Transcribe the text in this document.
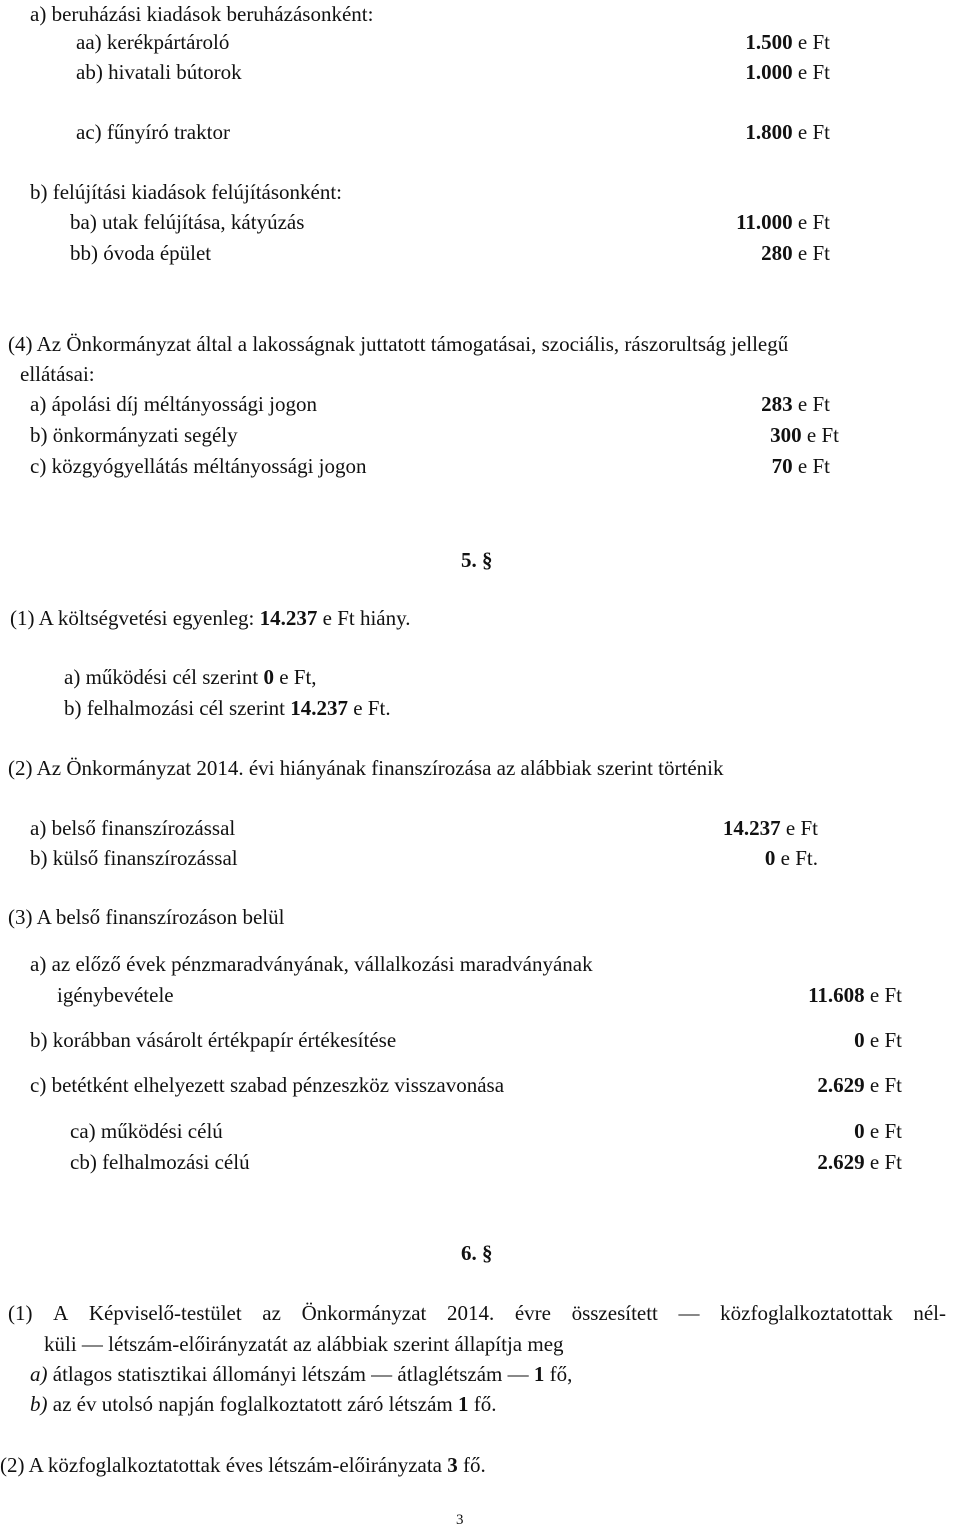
a) beruházási kiadások beruházásonként:
aa) kerékpártároló	1.500 e Ft
ab) hivatali bútorok	1.000 e Ft
ac) fűnyíró traktor	1.800 e Ft
b) felújítási kiadások felújításonként:
ba) utak felújítása, kátyúzás	11.000 e Ft
bb) óvoda épület	280 e Ft
(4) Az Önkormányzat által a lakosságnak juttatott támogatásai, szociális, rászorultság jellegű
ellátásai:
a) ápolási díj méltányossági jogon	283 e Ft
b) önkormányzati segély	300 e Ft
c) közgyógyellátás méltányossági jogon	70 e Ft
5. §
(1) A költségvetési egyenleg: 14.237 e Ft hiány.
a) működési cél szerint 0 e Ft,
b) felhalmozási cél szerint 14.237 e Ft.
(2) Az Önkormányzat 2014. évi hiányának finanszírozása az alábbiak szerint történik
a) belső finanszírozással	14.237 e Ft
b) külső finanszírozással	0 e Ft.
(3) A belső finanszírozáson belül
a) az előző évek pénzmaradványának, vállalkozási maradványának
igénybevétele	11.608 e Ft
b) korábban vásárolt értékpapír értékesítése	0 e Ft
c) betétként elhelyezett szabad pénzeszköz visszavonása	2.629 e Ft
ca) működési célú	0 e Ft
cb) felhalmozási célú	2.629 e Ft
6. §
(1) A Képviselő-testület az Önkormányzat 2014. évre összesített — közfoglalkoztatottak nél-
küli — létszám-előirányzatát az alábbiak szerint állapítja meg
a) átlagos statisztikai állományi létszám — átlaglétszám — 1 fő,
b) az év utolsó napján foglalkoztatott záró létszám 1 fő.
(2) A közfoglalkoztatottak éves létszám-előirányzata 3 fő.
3
